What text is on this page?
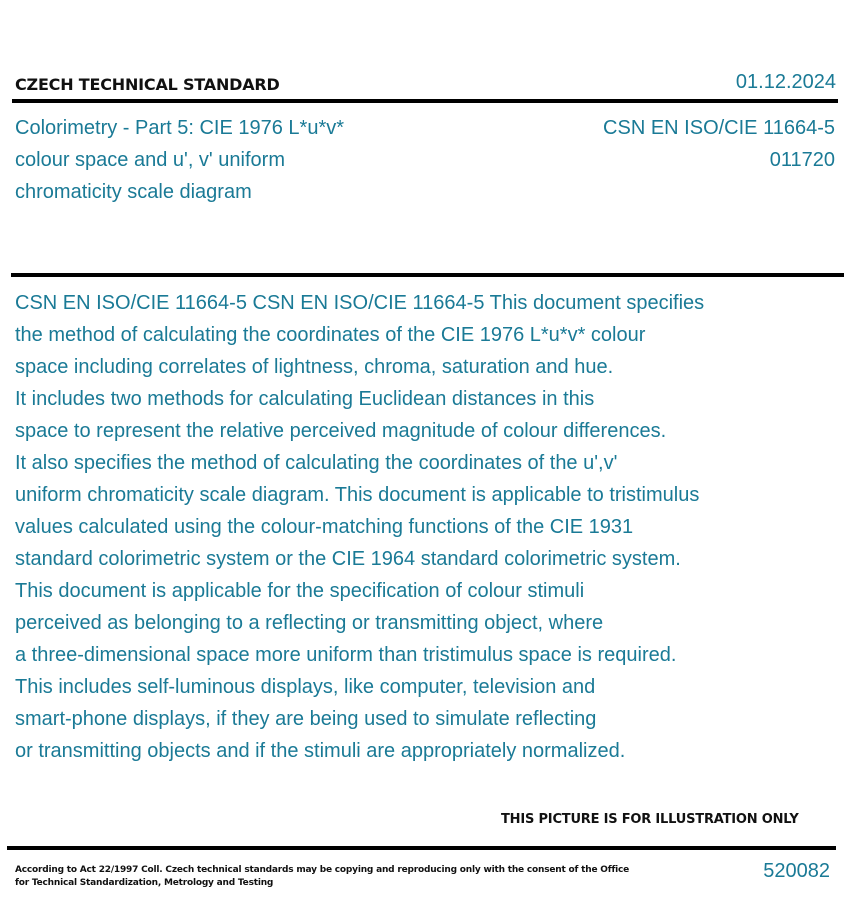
CZECH TECHNICAL STANDARD	01.12.2024
Colorimetry - Part 5: CIE 1976 L*u*v*
colour space and u', v' uniform
chromaticity scale diagram
CSN EN ISO/CIE 11664-5
011720
CSN EN ISO/CIE 11664-5 CSN EN ISO/CIE 11664-5 This document specifies
the method of calculating the coordinates of the CIE 1976 L*u*v* colour
space including correlates of lightness, chroma, saturation and hue.
It includes two methods for calculating Euclidean distances in this
space to represent the relative perceived magnitude of colour differences.
It also specifies the method of calculating the coordinates of the u',v'
uniform chromaticity scale diagram. This document is applicable to tristimulus
values calculated using the colour-matching functions of the CIE 1931
standard colorimetric system or the CIE 1964 standard colorimetric system.
This document is applicable for the specification of colour stimuli
perceived as belonging to a reflecting or transmitting object, where
a three-dimensional space more uniform than tristimulus space is required.
This includes self-luminous displays, like computer, television and
smart-phone displays, if they are being used to simulate reflecting
or transmitting objects and if the stimuli are appropriately normalized.
THIS PICTURE IS FOR ILLUSTRATION ONLY
According to Act 22/1997 Coll. Czech technical standards may be copying and reproducing only with the consent of the Office
for Technical Standardization, Metrology and Testing
520082
